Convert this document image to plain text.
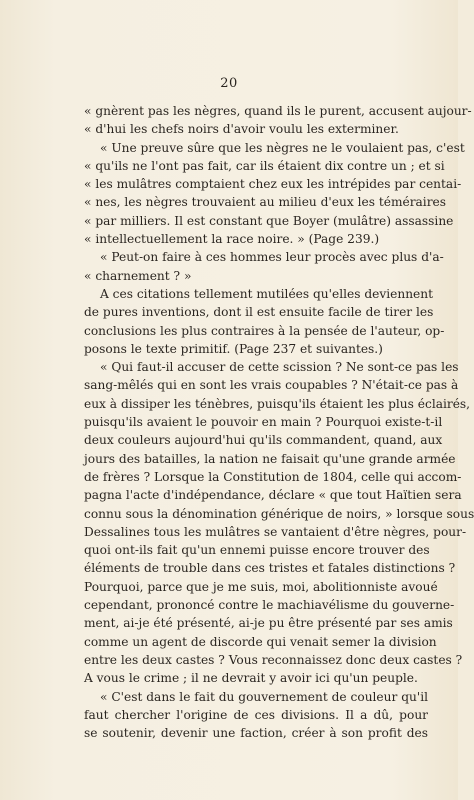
20
« gnèrent pas les nègres, quand ils le purent, accusent aujour-
« d'hui les chefs noirs d'avoir voulu les exterminer.
« Une preuve sûre que les nègres ne le voulaient pas, c'est
« qu'ils ne l'ont pas fait, car ils étaient dix contre un ; et si
« les mulâtres comptaient chez eux les intrépides par centai-
« nes, les nègres trouvaient au milieu d'eux les téméraires
« par milliers. Il est constant que Boyer (mulâtre) assassine
« intellectuellement la race noire. » (Page 239.)
« Peut-on faire à ces hommes leur procès avec plus d'a-
« charnement ? »
A ces citations tellement mutilées qu'elles deviennent
de pures inventions, dont il est ensuite facile de tirer les
conclusions les plus contraires à la pensée de l'auteur, op-
posons le texte primitif. (Page 237 et suivantes.)
« Qui faut-il accuser de cette scission ? Ne sont-ce pas les
sang-mêlés qui en sont les vrais coupables ? N'était-ce pas à
eux à dissiper les ténèbres, puisqu'ils étaient les plus éclairés,
puisqu'ils avaient le pouvoir en main ? Pourquoi existe-t-il
deux couleurs aujourd'hui qu'ils commandent, quand, aux
jours des batailles, la nation ne faisait qu'une grande armée
de frères ? Lorsque la Constitution de 1804, celle qui accom-
pagna l'acte d'indépendance, déclare « que tout Haïtien sera
connu sous la dénomination générique de noirs, » lorsque sous
Dessalines tous les mulâtres se vantaient d'être nègres, pour-
quoi ont-ils fait qu'un ennemi puisse encore trouver des
éléments de trouble dans ces tristes et fatales distinctions ?
Pourquoi, parce que je me suis, moi, abolitionniste avoué
cependant, prononcé contre le machiavélisme du gouverne-
ment, ai-je été présenté, ai-je pu être présenté par ses amis
comme un agent de discorde qui venait semer la division
entre les deux castes ? Vous reconnaissez donc deux castes ?
A vous le crime ; il ne devrait y avoir ici qu'un peuple.
« C'est dans le fait du gouvernement de couleur qu'il
faut chercher l'origine de ces divisions. Il a dû, pour
se soutenir, devenir une faction, créer à son profit des
